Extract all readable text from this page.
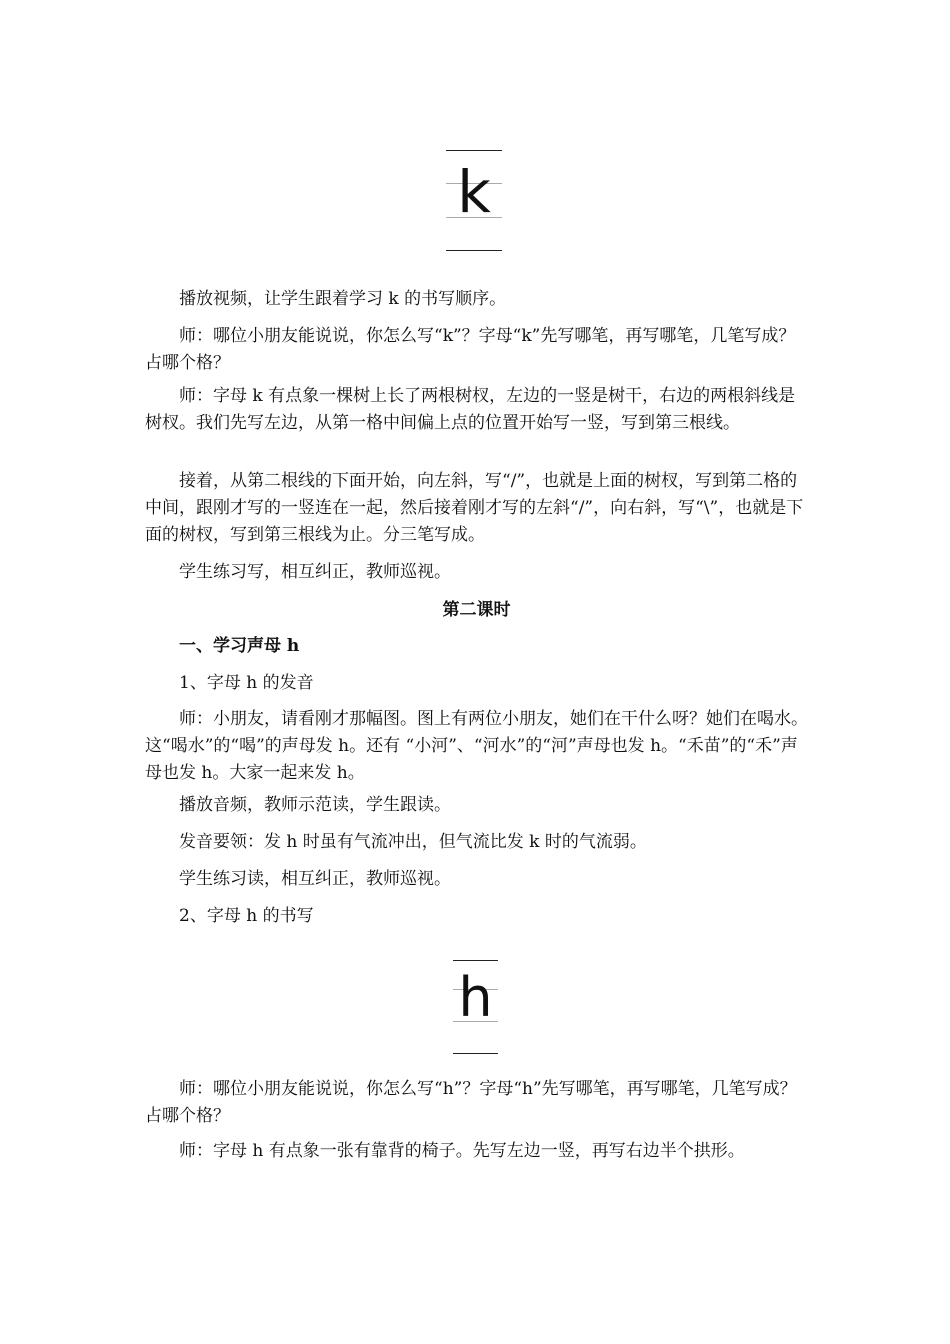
k

播放视频，让学生跟着学习 k 的书写顺序。

师：哪位小朋友能说说，你怎么写“k”？字母“k”先写哪笔，再写哪笔，几笔写成？占哪个格？

师：字母 k 有点象一棵树上长了两根树杈，左边的一竖是树干，右边的两根斜线是树杈。我们先写左边，从第一格中间偏上点的位置开始写一竖，写到第三根线。

接着，从第二根线的下面开始，向左斜，写“/”，也就是上面的树杈，写到第二格的中间，跟刚才写的一竖连在一起，然后接着刚才写的左斜“/”，向右斜，写“\”，也就是下面的树杈，写到第三根线为止。分三笔写成。

学生练习写，相互纠正，教师巡视。

第二课时

一、学习声母 h

1、字母 h 的发音

师：小朋友，请看刚才那幅图。图上有两位小朋友，她们在干什么呀？她们在喝水。这“喝水”的“喝”的声母发 h。还有 “小河”、“河水”的“河”声母也发 h。“禾苗”的“禾”声母也发 h。大家一起来发 h。

播放音频，教师示范读，学生跟读。

发音要领：发 h 时虽有气流冲出，但气流比发 k 时的气流弱。

学生练习读，相互纠正，教师巡视。

2、字母 h 的书写

h

师：哪位小朋友能说说，你怎么写“h”？字母“h”先写哪笔，再写哪笔，几笔写成？占哪个格？

师：字母 h 有点象一张有靠背的椅子。先写左边一竖，再写右边半个拱形。
